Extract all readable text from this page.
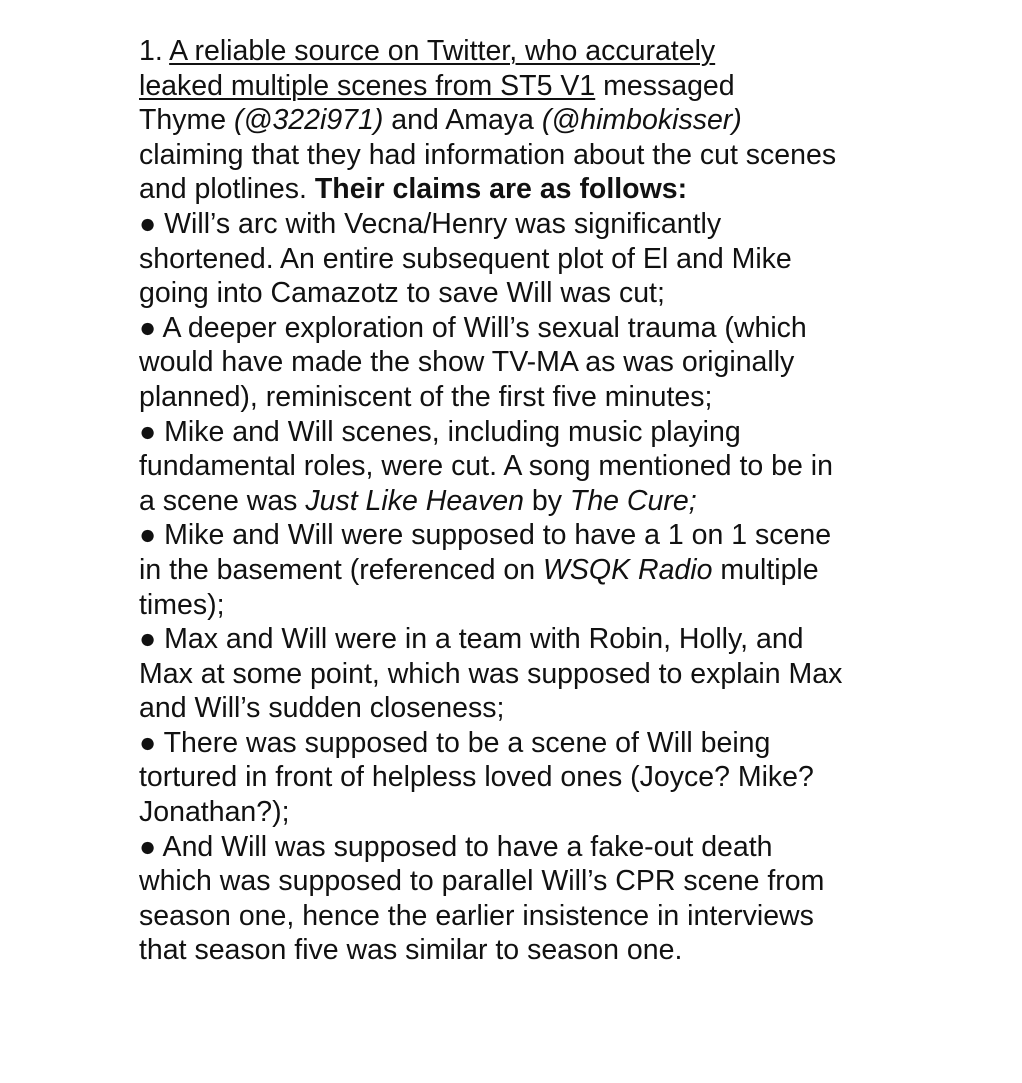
1. A reliable source on Twitter, who accurately
leaked multiple scenes from ST5 V1 messaged
Thyme (@322i971) and Amaya (@himbokisser)
claiming that they had information about the cut scenes
and plotlines. Their claims are as follows:
● Will’s arc with Vecna/Henry was significantly
shortened. An entire subsequent plot of El and Mike
going into Camazotz to save Will was cut;
● A deeper exploration of Will’s sexual trauma (which
would have made the show TV-MA as was originally
planned), reminiscent of the first five minutes;
● Mike and Will scenes, including music playing
fundamental roles, were cut. A song mentioned to be in
a scene was Just Like Heaven by The Cure;
● Mike and Will were supposed to have a 1 on 1 scene
in the basement (referenced on WSQK Radio multiple
times);
● Max and Will were in a team with Robin, Holly, and
Max at some point, which was supposed to explain Max
and Will’s sudden closeness;
● There was supposed to be a scene of Will being
tortured in front of helpless loved ones (Joyce? Mike?
Jonathan?);
● And Will was supposed to have a fake-out death
which was supposed to parallel Will’s CPR scene from
season one, hence the earlier insistence in interviews
that season five was similar to season one.
